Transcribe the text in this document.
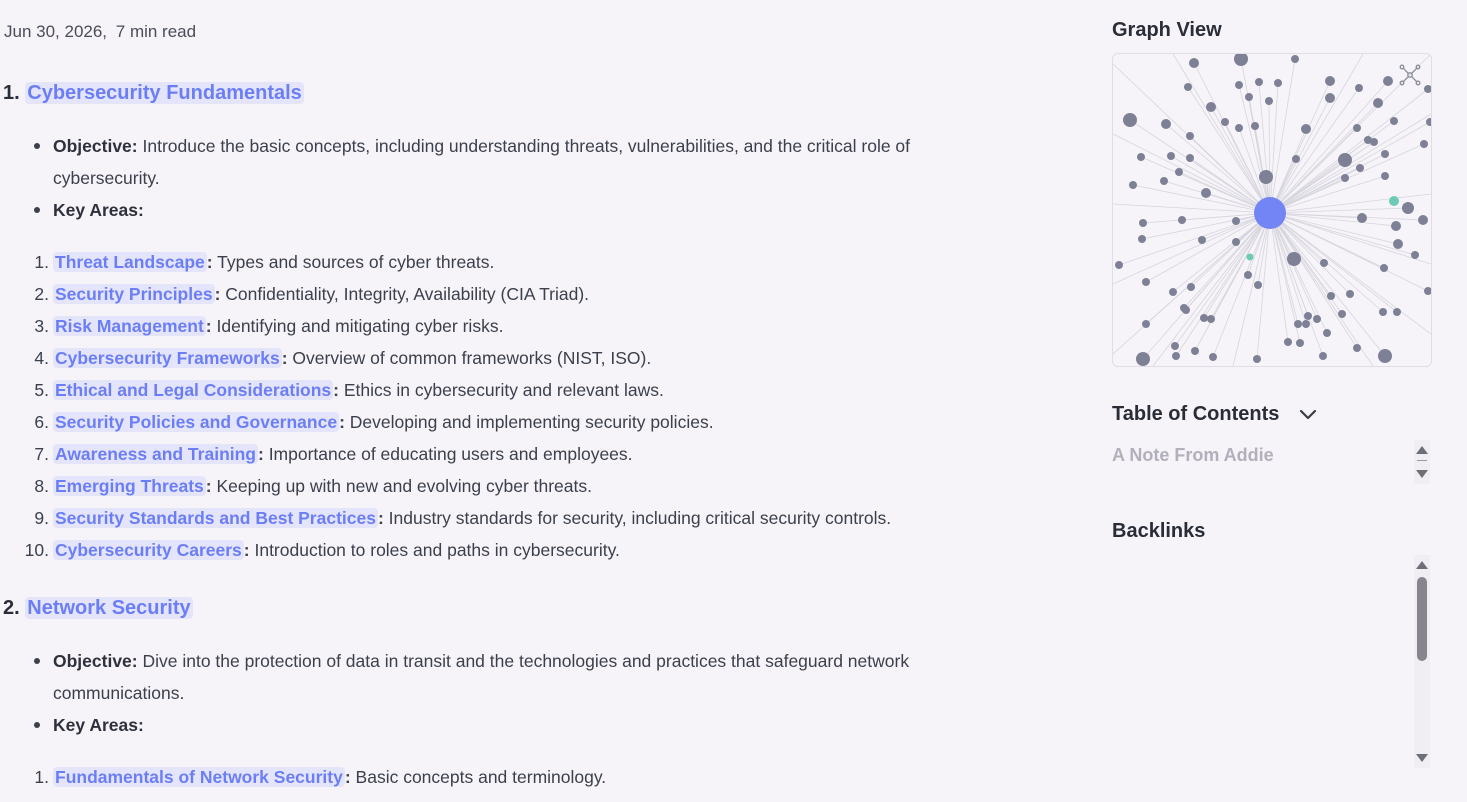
Jun 30, 2026, 7 min read
1. Cybersecurity Fundamentals
Objective: Introduce the basic concepts, including understanding threats, vulnerabilities, and the critical role of cybersecurity.
Key Areas:
1. Threat Landscape : Types and sources of cyber threats.
2. Security Principles : Confidentiality, Integrity, Availability (CIA Triad).
3. Risk Management : Identifying and mitigating cyber risks.
4. Cybersecurity Frameworks : Overview of common frameworks (NIST, ISO).
5. Ethical and Legal Considerations : Ethics in cybersecurity and relevant laws.
6. Security Policies and Governance : Developing and implementing security policies.
7. Awareness and Training : Importance of educating users and employees.
8. Emerging Threats : Keeping up with new and evolving cyber threats.
9. Security Standards and Best Practices : Industry standards for security, including critical security controls.
10. Cybersecurity Careers : Introduction to roles and paths in cybersecurity.
2. Network Security
Objective: Dive into the protection of data in transit and the technologies and practices that safeguard network communications.
Key Areas:
1. Fundamentals of Network Security : Basic concepts and terminology.
Graph View
Table of Contents
A Note From Addie
Backlinks
